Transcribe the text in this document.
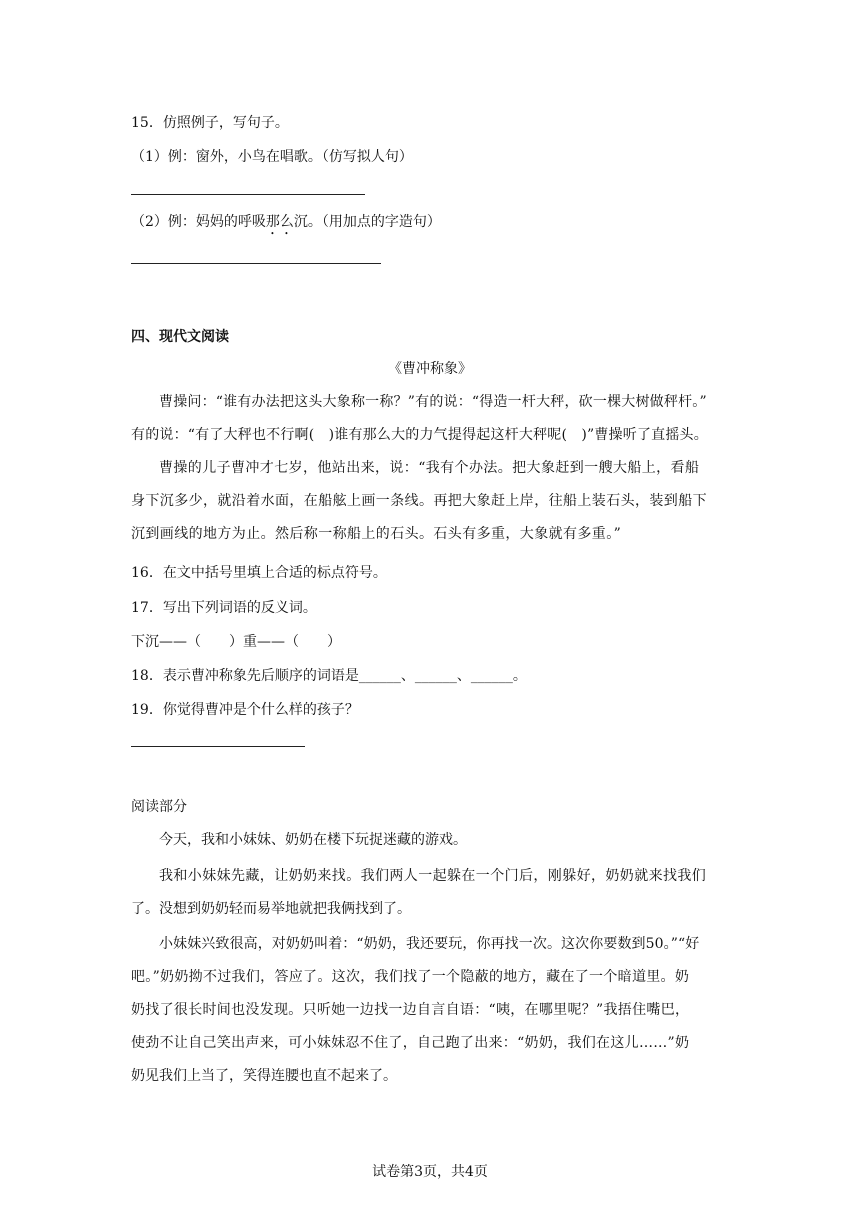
15．仿照例子，写句子。
（1）例：窗外，小鸟在唱歌。（仿写拟人句）
（2）例：妈妈的呼吸那么沉。（用加点的字造句）
四、现代文阅读
《曹冲称象》
曹操问：“谁有办法把这头大象称一称？”有的说：“得造一杆大秤，砍一棵大树做秤杆。”
有的说：“有了大秤也不行啊(　)谁有那么大的力气提得起这杆大秤呢(　)”曹操听了直摇头。
曹操的儿子曹冲才七岁，他站出来，说：“我有个办法。把大象赶到一艘大船上，看船
身下沉多少，就沿着水面，在船舷上画一条线。再把大象赶上岸，往船上装石头，装到船下
沉到画线的地方为止。然后称一称船上的石头。石头有多重，大象就有多重。”
16．在文中括号里填上合适的标点符号。
17．写出下列词语的反义词。
下沉——（　　）重——（　　）
18．表示曹冲称象先后顺序的词语是______、______、______。
19．你觉得曹冲是个什么样的孩子？
阅读部分
今天，我和小妹妹、奶奶在楼下玩捉迷藏的游戏。
我和小妹妹先藏，让奶奶来找。我们两人一起躲在一个门后，刚躲好，奶奶就来找我们
了。没想到奶奶轻而易举地就把我俩找到了。
小妹妹兴致很高，对奶奶叫着：“奶奶，我还要玩，你再找一次。这次你要数到50。”“好
吧。”奶奶拗不过我们，答应了。这次，我们找了一个隐蔽的地方，藏在了一个暗道里。奶
奶找了很长时间也没发现。只听她一边找一边自言自语：“咦，在哪里呢？”我捂住嘴巴，
使劲不让自己笑出声来，可小妹妹忍不住了，自己跑了出来：“奶奶，我们在这儿……”奶
奶见我们上当了，笑得连腰也直不起来了。
试卷第3页，共4页
